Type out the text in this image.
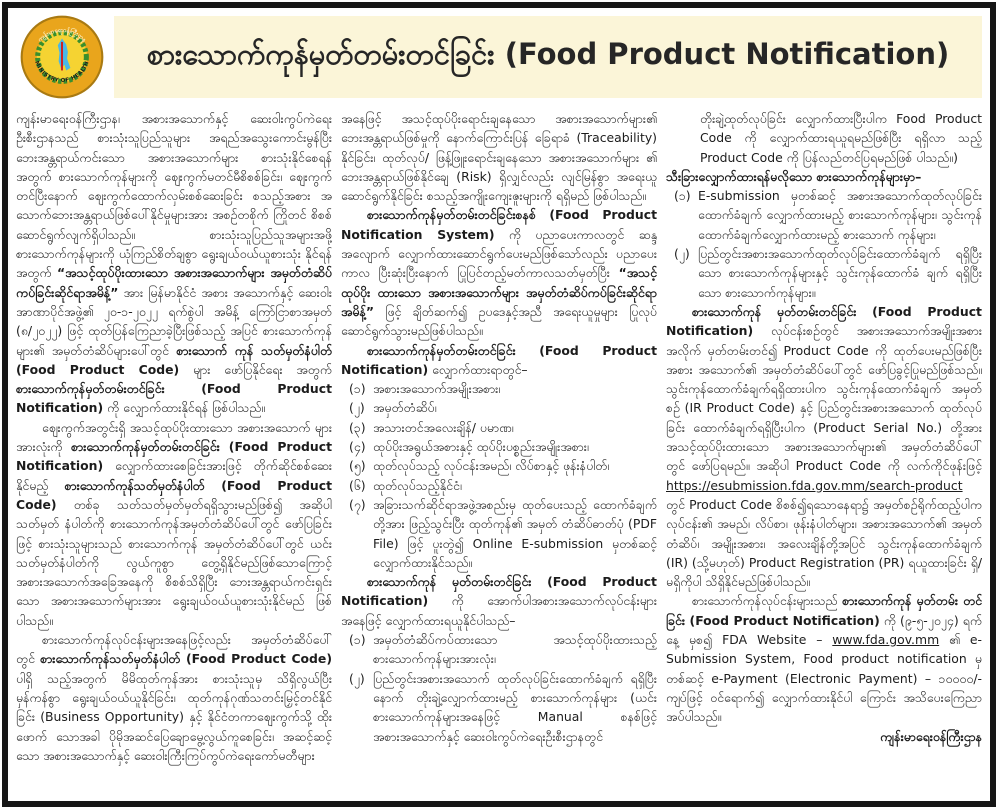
ကျန်းမာရေးဝန်ကြီးဌာန
MINISTRY OF HEALTH စားသောက်ကုန်မှတ်တမ်းတင်ခြင်း (Food Product Notification)
ကျန်းမာရေးဝန်ကြီးဌာန၊ အစားအသောက်နှင့် ဆေးဝါးကွပ်ကဲရေး ဦးစီးဌာနသည် စားသုံးသူပြည်သူများ အရည်အသွေးကောင်းမွန်ပြီး ဘေးအန္တရာယ်ကင်းသော အစားအသောက်များ စားသုံးနိုင်စေရန် အတွက် စားသောက်ကုန်များကို ဈေးကွက်မတင်မီစိစစ်ခြင်း၊ ဈေးကွက် တင်ပြီးနောက် ဈေးကွက်ထောက်လှမ်းစစ်ဆေးခြင်း စသည့်အစား အသောက်ဘေးအန္တရာယ်ဖြစ်ပေါ်နိုင်မှုများအား အစဉ်တစိုက် ကြိုတင် စိစစ်ဆောင်ရွက်လျက်ရှိပါသည်။ စားသုံးသူပြည်သူအများအဖို့ စားသောက်ကုန်များကို ယုံကြည်စိတ်ချစွာ ရွေးချယ်ဝယ်ယူစားသုံး နိုင်ရန်အတွက် “အသင့်ထုပ်ပိုးထားသော အစားအသောက်များ အမှတ်တံဆိပ်ကပ်ခြင်းဆိုင်ရာအမိန့်” အား မြန်မာနိုင်ငံ အစား အသောက်နှင့် ဆေးဝါးအာဏာပိုင်အဖွဲ့၏ ၂၀-၁-၂၀၂၂ ရက်စွဲပါ အမိန့် ကြော်ငြာစာအမှတ် (၈/၂၀၂၂) ဖြင့် ထုတ်ပြန်ကြေညာခဲ့ပြီးဖြစ်သည့် အပြင် စားသောက်ကုန်များ၏ အမှတ်တံဆိပ်များပေါ်တွင် စားသောက် ကုန် သတ်မှတ်နံပါတ် (Food Product Code) များ ဖော်ပြနိုင်ရေး အတွက် စားသောက်ကုန်မှတ်တမ်းတင်ခြင်း (Food Product Notification) ကို လျှောက်ထားနိုင်ရန် ဖြစ်ပါသည်။
ဈေးကွက်အတွင်းရှိ အသင့်ထုပ်ပိုးထားသော အစားအသောက် များအားလုံးကို စားသောက်ကုန်မှတ်တမ်းတင်ခြင်း (Food Product Notification) လျှောက်ထားစေခြင်းအားဖြင့် တိုက်ဆိုင်စစ်ဆေး နိုင်မည့် စားသောက်ကုန်သတ်မှတ်နံပါတ် (Food Product Code) တစ်ခု သတ်သတ်မှတ်မှတ်ရရှိသွားမည်ဖြစ်၍ အဆိုပါသတ်မှတ် နံပါတ်ကို စားသောက်ကုန်အမှတ်တံဆိပ်ပေါ်တွင် ဖော်ပြခြင်းဖြင့် စားသုံးသူများသည် စားသောက်ကုန် အမှတ်တံဆိပ်ပေါ်တွင် ယင်းသတ်မှတ်နံပါတ်ကို လွယ်ကူစွာ တွေ့ရှိနိုင်မည်ဖြစ်သောကြောင့် အစားအသောက်အခြေအနေကို စိစစ်သိရှိပြီး ဘေးအန္တရာယ်ကင်းရှင်း သော အစားအသောက်များအား ရွေးချယ်ဝယ်ယူစားသုံးနိုင်မည် ဖြစ်ပါသည်။
စားသောက်ကုန်လုပ်ငန်းများအနေဖြင့်လည်း အမှတ်တံဆိပ်ပေါ် တွင် စားသောက်ကုန်သတ်မှတ်နံပါတ် (Food Product Code) ပါရှိ သည့်အတွက် မိမိထုတ်ကုန်အား စားသုံးသူမှ သိရှိလွယ်ပြီး မှန်ကန်စွာ ရွေးချယ်ဝယ်ယူနိုင်ခြင်း၊ ထုတ်ကုန်ဂုဏ်သတင်းမြှင့်တင်နိုင်ခြင်း (Business Opportunity) နှင့် နိုင်ငံတကာဈေးကွက်သို့ ထိုးဖောက် သောအခါ ပိုမိုအဆင်ပြေချောမွေ့လွယ်ကူစေခြင်း၊ အဆင့်ဆင့်သော အစားအသောက်နှင့် ဆေးဝါးကြီးကြပ်ကွပ်ကဲရေးကော်မတီများ
အနေဖြင့် အသင့်ထုပ်ပိုးရောင်းချနေသော အစားအသောက်များ၏ ဘေးအန္တရာယ်ဖြစ်မှုကို နောက်ကြောင်းပြန် ခြေရာခံ (Traceability) နိုင်ခြင်း၊ ထုတ်လုပ်/ ဖြန့်ဖြူးရောင်းချနေသော အစားအသောက်များ ၏ ဘေးအန္တရာယ်ဖြစ်နိုင်ချေ (Risk) ရှိလျှင်လည်း လျင်မြန်စွာ အရေးယူဆောင်ရွက်နိုင်ခြင်း စသည့်အကျိုးကျေးဇူးများကို ရရှိမည် ဖြစ်ပါသည်။
စားသောက်ကုန်မှတ်တမ်းတင်ခြင်းစနစ် (Food Product Notification System) ကို ပညာပေးကာလတွင် ဆန္ဒအလျောက် လျှောက်ထားဆောင်ရွက်ပေးမည်ဖြစ်သော်လည်း ပညာပေးကာလ ပြီးဆုံးပြီးနောက် ပြုပြင်တည့်မတ်ကာလသတ်မှတ်ပြီး “အသင့်ထုပ်ပိုး ထားသော အစားအသောက်များ အမှတ်တံဆိပ်ကပ်ခြင်းဆိုင်ရာ အမိန့်” ဖြင့် ချိတ်ဆက်၍ ဥပဒေနှင့်အညီ အရေးယူမှုများ ပြုလုပ် ဆောင်ရွက်သွားမည်ဖြစ်ပါသည်။
စားသောက်ကုန်မှတ်တမ်းတင်ခြင်း (Food Product Notification) လျှောက်ထားရာတွင်–
(၁) အစားအသောက်အမျိုးအစား၊
(၂) အမှတ်တံဆိပ်၊
(၃) အသားတင်အလေးချိန်/ ပမာဏ၊
(၄) ထုပ်ပိုးအရွယ်အစားနှင့် ထုပ်ပိုးပစ္စည်းအမျိုးအစား၊
(၅) ထုတ်လုပ်သည့် လုပ်ငန်းအမည်၊ လိပ်စာနှင့် ဖုန်းနံပါတ်၊
(၆) ထုတ်လုပ်သည့်နိုင်ငံ၊
(၇) အခြားသက်ဆိုင်ရာအဖွဲ့အစည်းမှ ထုတ်ပေးသည့် ထောက်ခံချက်တို့အား ဖြည့်သွင်းပြီး ထုတ်ကုန်၏ အမှတ် တံဆိပ်ဓာတ်ပုံ (PDF File) ဖြင့် ပူးတွဲ၍ Online E-submission မှတစ်ဆင့် လျှောက်ထားနိုင်သည်။
စားသောက်ကုန် မှတ်တမ်းတင်ခြင်း (Food Product Notification) ကို အောက်ပါအစားအသောက်လုပ်ငန်းများအနေဖြင့် လျှောက်ထားရယူနိုင်ပါသည်–
(၁) အမှတ်တံဆိပ်ကပ်ထားသော အသင့်ထုပ်ပိုးထားသည့် စားသောက်ကုန်များအားလုံး၊
(၂) ပြည်တွင်းအစားအသောက် ထုတ်လုပ်ခြင်းထောက်ခံချက် ရရှိပြီးနောက် တိုးချဲ့လျှောက်ထားမည့် စားသောက်ကုန်များ (ယင်းစားသောက်ကုန်များအနေဖြင့် Manual စနစ်ဖြင့် အစားအသောက်နှင့် ဆေးဝါးကွပ်ကဲရေးဦးစီးဌာနတွင်
တိုးချဲ့ထုတ်လုပ်ခြင်း လျှောက်ထားပြီးပါက Food Product Code ကို လျှောက်ထားရယူရမည်ဖြစ်ပြီး ရရှိလာ သည့် Product Code ကို ပြန်လည်တင်ပြရမည်ဖြစ် ပါသည်။)
သီးခြားလျှောက်ထားရန်မလိုသော စားသောက်ကုန်များမှာ–
(၁) E-submission မှတစ်ဆင့် အစားအသောက်ထုတ်လုပ်ခြင်း ထောက်ခံချက် လျှောက်ထားမည့် စားသောက်ကုန်များ၊ သွင်းကုန်ထောက်ခံချက်လျှောက်ထားမည့် စားသောက် ကုန်များ၊
(၂) ပြည်တွင်းအစားအသောက်ထုတ်လုပ်ခြင်းထောက်ခံချက် ရရှိပြီးသော စားသောက်ကုန်များနှင့် သွင်းကုန်ထောက်ခံ ချက် ရရှိပြီးသော စားသောက်ကုန်များ။
စားသောက်ကုန် မှတ်တမ်းတင်ခြင်း (Food Product Notification) လုပ်ငန်းစဉ်တွင် အစားအသောက်အမျိုးအစားအလိုက် မှတ်တမ်းတင်၍ Product Code ကို ထုတ်ပေးမည်ဖြစ်ပြီး အစား အသောက်၏ အမှတ်တံဆိပ်ပေါ်တွင် ဖော်ပြခွင့်ပြုမည်ဖြစ်သည်။ သွင်းကုန်ထောက်ခံချက်ရရှိထားပါက သွင်းကုန်ထောက်ခံချက် အမှတ် စဉ် (IR Product Code) နှင့် ပြည်တွင်းအစားအသောက် ထုတ်လုပ် ခြင်း ထောက်ခံချက်ရရှိပြီးပါက (Product Serial No.) တို့အား အသင့်ထုပ်ပိုးထားသော အစားအသောက်များ၏ အမှတ်တံဆိပ်ပေါ် တွင် ဖော်ပြရမည်။ အဆိုပါ Product Code ကို လက်ကိုင်ဖုန်းဖြင့် https://esubmission.fda.gov.mm/search-product တွင် Product Code စိစစ်၍ရသောနေရာ၌ အမှတ်စဉ်ရိုက်ထည့်ပါက လုပ်ငန်း၏ အမည်၊ လိပ်စာ၊ ဖုန်းနံပါတ်များ၊ အစားအသောက်၏ အမှတ်တံဆိပ်၊ အမျိုးအစား၊ အလေးချိန်တို့အပြင် သွင်းကုန်ထောက်ခံချက် (IR) (သို့မဟုတ်) Product Registration (PR) ရယူထားခြင်း ရှိ/မရှိကိုပါ သိရှိနိုင်မည်ဖြစ်ပါသည်။
စားသောက်ကုန်လုပ်ငန်းများသည် စားသောက်ကုန် မှတ်တမ်း တင်ခြင်း (Food Product Notification) ကို (၉-၅-၂၀၂၄) ရက်နေ့ မှစ၍ FDA Website – www.fda.gov.mm ၏ e-Submission System, Food product notification မှတစ်ဆင့် e-Payment (Electronic Payment) – ၁၀၀၀၀/- ကျပ်ဖြင့် ဝင်ရောက်၍ လျှောက်ထားနိုင်ပါ ကြောင်း အသိပေးကြေညာအပ်ပါသည်။
ကျန်းမာရေးဝန်ကြီးဌာန
